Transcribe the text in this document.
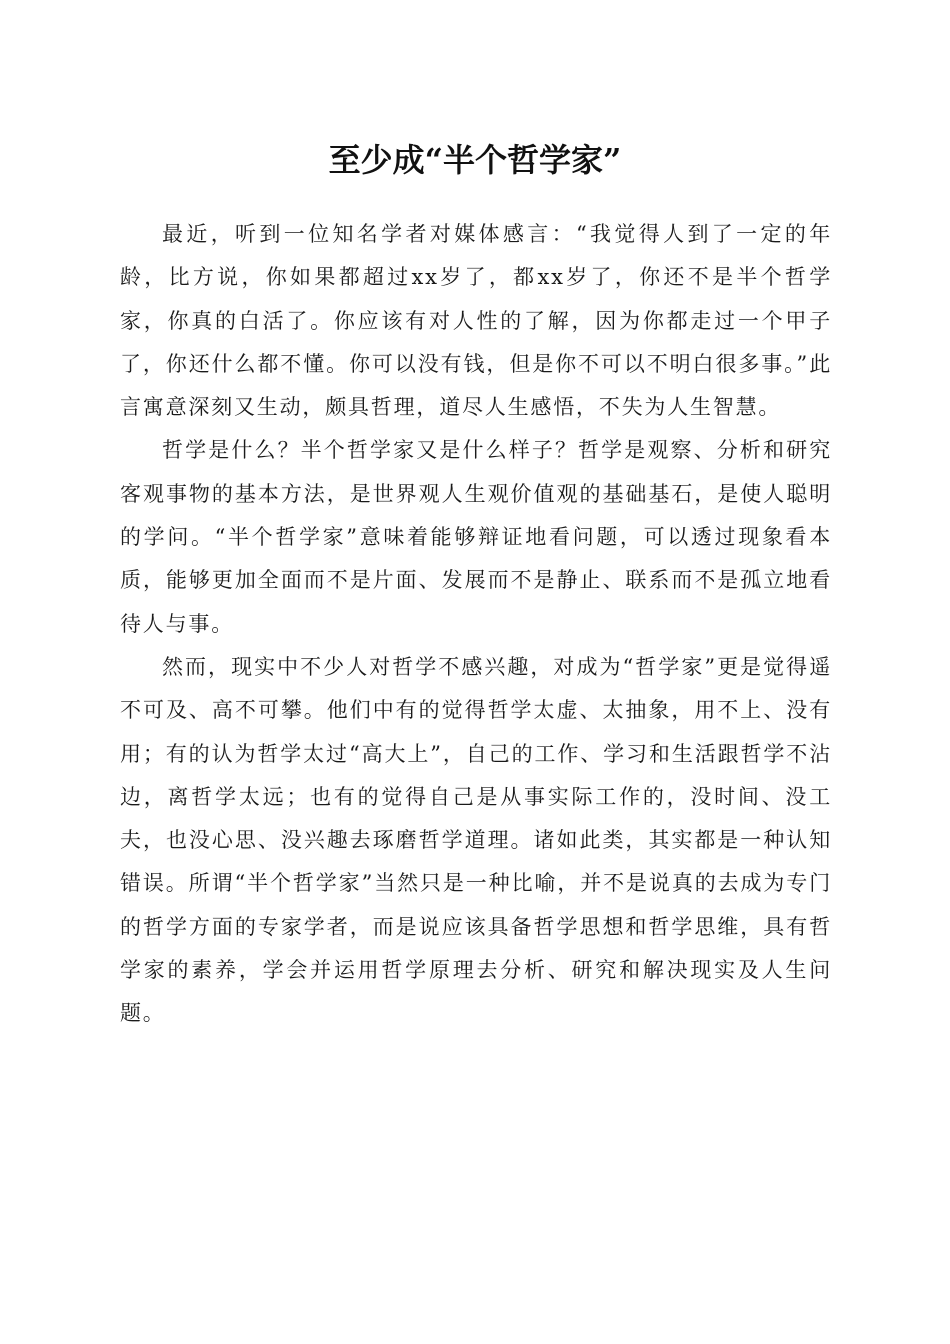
至少成“半个哲学家”

最近，听到一位知名学者对媒体感言：“我觉得人到了一定的年龄，比方说，你如果都超过xx岁了，都xx岁了，你还不是半个哲学家，你真的白活了。你应该有对人性的了解，因为你都走过一个甲子了，你还什么都不懂。你可以没有钱，但是你不可以不明白很多事。”此言寓意深刻又生动，颇具哲理，道尽人生感悟，不失为人生智慧。

哲学是什么？半个哲学家又是什么样子？哲学是观察、分析和研究客观事物的基本方法，是世界观人生观价值观的基础基石，是使人聪明的学问。“半个哲学家”意味着能够辩证地看问题，可以透过现象看本质，能够更加全面而不是片面、发展而不是静止、联系而不是孤立地看待人与事。

然而，现实中不少人对哲学不感兴趣，对成为“哲学家”更是觉得遥不可及、高不可攀。他们中有的觉得哲学太虚、太抽象，用不上、没有用；有的认为哲学太过“高大上”，自己的工作、学习和生活跟哲学不沾边，离哲学太远；也有的觉得自己是从事实际工作的，没时间、没工夫，也没心思、没兴趣去琢磨哲学道理。诸如此类，其实都是一种认知错误。所谓“半个哲学家”当然只是一种比喻，并不是说真的去成为专门的哲学方面的专家学者，而是说应该具备哲学思想和哲学思维，具有哲学家的素养，学会并运用哲学原理去分析、研究和解决现实及人生问题。
